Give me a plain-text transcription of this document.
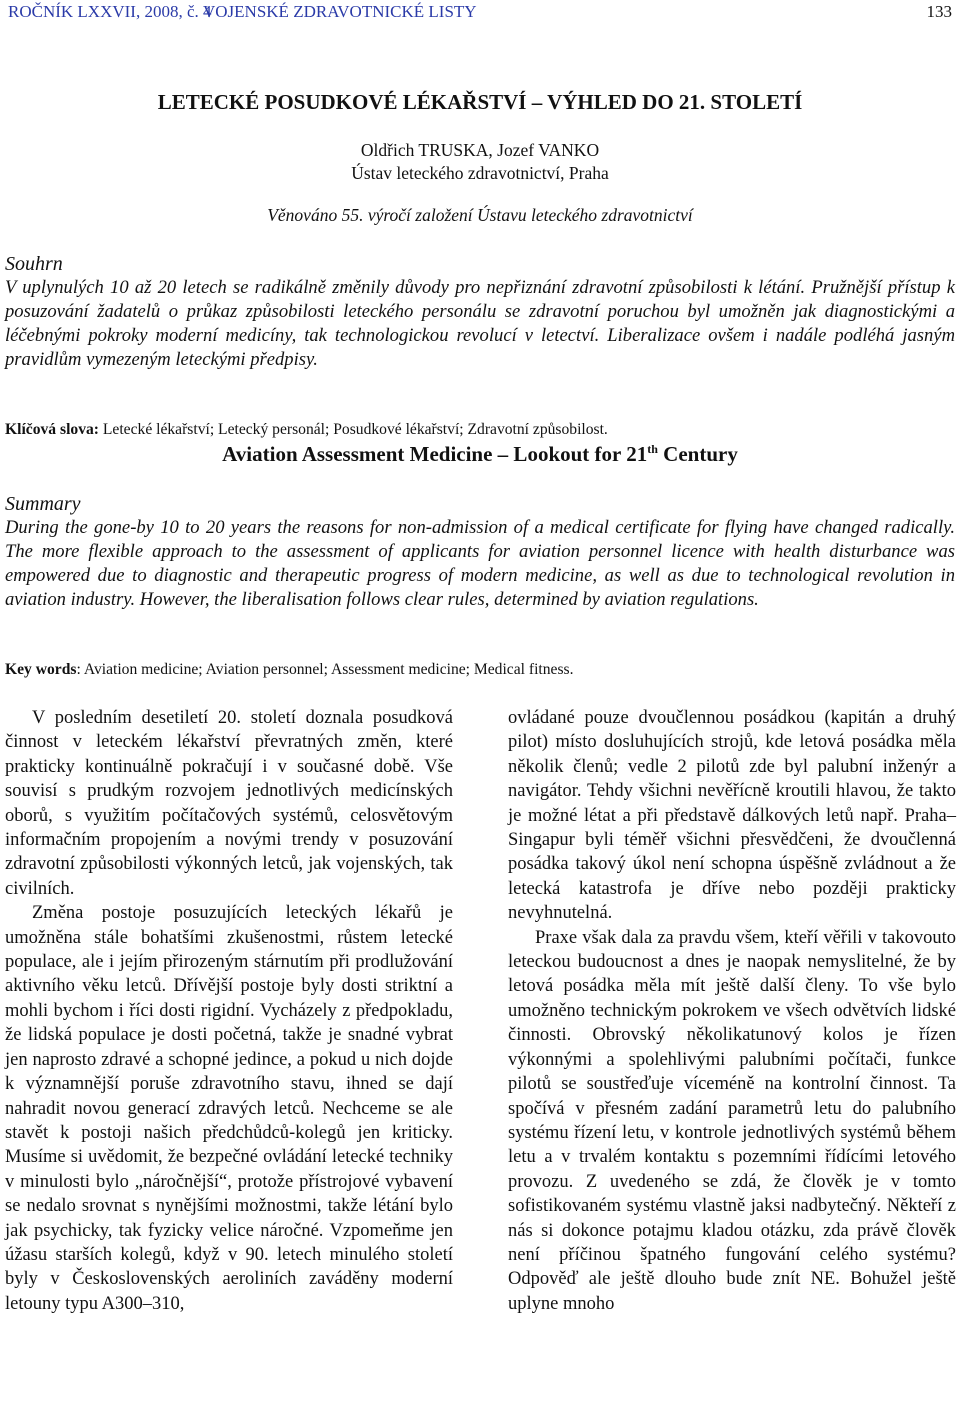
ROČNÍK LXXVII, 2008, č. 4
VOJENSKÉ ZDRAVOTNICKÉ LISTY	133
LETECKÉ POSUDKOVÉ LÉKAŘSTVÍ – VÝHLED DO 21. STOLETÍ
Oldřich TRUSKA, Jozef VANKO
Ústav leteckého zdravotnictví, Praha
Věnováno 55. výročí založení Ústavu leteckého zdravotnictví
Souhrn
V uplynulých 10 až 20 letech se radikálně změnily důvody pro nepřiznání zdravotní způsobilosti k létání. Pružnější přístup k posuzování žadatelů o průkaz způsobilosti leteckého personálu se zdravotní poruchou byl umožněn jak diagnostickými a léčebnými pokroky moderní medicíny, tak technologickou revolucí v letectví. Liberalizace ovšem i nadále podléhá jasným pravidlům vymezeným leteckými předpisy.
Klíčová slova: Letecké lékařství; Letecký personál; Posudkové lékařství; Zdravotní způsobilost.
Aviation Assessment Medicine – Lookout for 21th Century
Summary
During the gone-by 10 to 20 years the reasons for non-admission of a medical certificate for flying have changed radically. The more flexible approach to the assessment of applicants for aviation personnel licence with health disturbance was empowered due to diagnostic and therapeutic progress of modern medicine, as well as due to technological revolution in aviation industry. However, the liberalisation follows clear rules, determined by aviation regulations.
Key words: Aviation medicine; Aviation personnel; Assessment medicine; Medical fitness.

V posledním desetiletí 20. století doznala posudková činnost v leteckém lékařství převratných změn, které prakticky kontinuálně pokračují i v současné době. Vše souvisí s prudkým rozvojem jednotlivých medicínských oborů, s využitím počítačových systémů, celosvětovým informačním propojením a novými trendy v posuzování zdravotní způsobilosti výkonných letců, jak vojenských, tak civilních.

Změna postoje posuzujících leteckých lékařů je umožněna stále bohatšími zkušenostmi, růstem letecké populace, ale i jejím přirozeným stárnutím při prodlužování aktivního věku letců. Dřívější postoje byly dosti striktní a mohli bychom i říci dosti rigidní. Vycházely z předpokladu, že lidská populace je dosti početná, takže je snadné vybrat jen naprosto zdravé a schopné jedince, a pokud u nich dojde k významnější poruše zdravotního stavu, ihned se dají nahradit novou generací zdravých letců. Nechceme se ale stavět k postoji našich předchůdců-kolegů jen kriticky. Musíme si uvědomit, že bezpečné ovládání letecké techniky v minulosti bylo „náročnější“, protože přístrojové vybavení se nedalo srovnat s nynějšími možnostmi, takže létání bylo jak psychicky, tak fyzicky velice náročné. Vzpomeňme jen úžasu starších kolegů, když v 90. letech minulého století byly v Československých aeroliních zaváděny moderní letouny typu A300–310,

ovládané pouze dvoučlennou posádkou (kapitán a druhý pilot) místo dosluhujících strojů, kde letová posádka měla několik členů; vedle 2 pilotů zde byl palubní inženýr a navigátor. Tehdy všichni nevěřícně kroutili hlavou, že takto je možné létat a při představě dálkových letů např. Praha–Singapur byli téměř všichni přesvědčeni, že dvoučlenná posádka takový úkol není schopna úspěšně zvládnout a že letecká katastrofa je dříve nebo později prakticky nevyhnutelná.

Praxe však dala za pravdu všem, kteří věřili v takovouto leteckou budoucnost a dnes je naopak nemyslitelné, že by letová posádka měla mít ještě další členy. To vše bylo umožněno technickým pokrokem ve všech odvětvích lidské činnosti. Obrovský několikatunový kolos je řízen výkonnými a spolehlivými palubními počítači, funkce pilotů se soustřeďuje víceméně na kontrolní činnost. Ta spočívá v přesném zadání parametrů letu do palubního systému řízení letu, v kontrole jednotlivých systémů během letu a v trvalém kontaktu s pozemními řídícími letového provozu. Z uvedeného se zdá, že člověk je v tomto sofistikovaném systému vlastně jaksi nadbytečný. Někteří z nás si dokonce potajmu kladou otázku, zda právě člověk není příčinou špatného fungování celého systému? Odpověď ale ještě dlouho bude znít NE. Bohužel ještě uplyne mnoho
